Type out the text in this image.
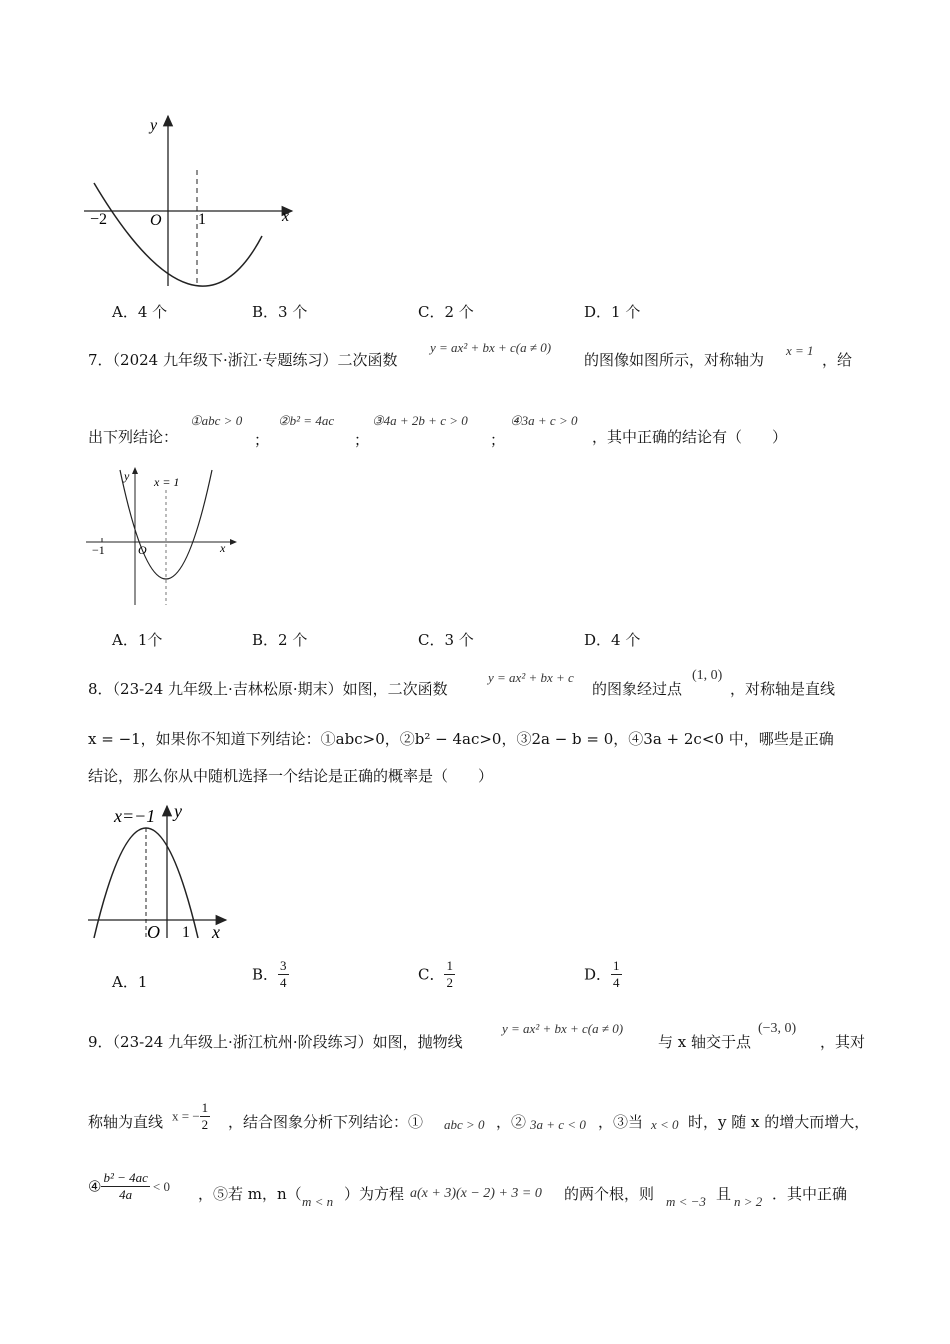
y
x
O
−2	1
A．4 个	B．3 个	C．2 个	D．1 个
7．（2024 九年级下·浙江·专题练习）二次函数
y = ax² + bx + c(a ≠ 0)
的图像如图所示，对称轴为
x = 1
，给
出下列结论：
①abc > 0
；
②b² = 4ac
；
③4a + 2b + c > 0
；
④3a + c > 0
，其中正确的结论有（　　）
y x = 1
x
O
−1
A．1个	B．2 个	C．3 个	D．4 个
8．（23-24 九年级上·吉林松原·期末）如图，二次函数
y = ax² + bx + c
的图象经过点
(1, 0)
，对称轴是直线
x = −1，如果你不知道下列结论：①abc>0，②b² − 4ac>0，③2a − b = 0，④3a + 2c<0 中，哪些是正确
结论，那么你从中随机选择一个结论是正确的概率是（　　）
x=−1 y
O 1 x
A．1	B． $\frac{3}{4}$	C． $\frac{1}{2}$	D． $\frac{1}{4}$
9．（23-24 九年级上·浙江杭州·阶段练习）如图，抛物线
y = ax² + bx + c(a ≠ 0)
与 x 轴交于点
(−3, 0)
，其对
称轴为直线 x = − $\frac{1}{2}$ ，结合图象分析下列结论：① abc > 0 ，② 3a + c < 0 ，③当 x < 0 时，y 随 x 的增大而增大，
④ $\frac{\text{b² − 4ac}}{4a} < 0$ ，⑤若 m，n（ m < n ）为方程 a(x + 3)(x − 2) + 3 = 0 的两个根，则 m < −3 且 n > 2 ．其中正确
